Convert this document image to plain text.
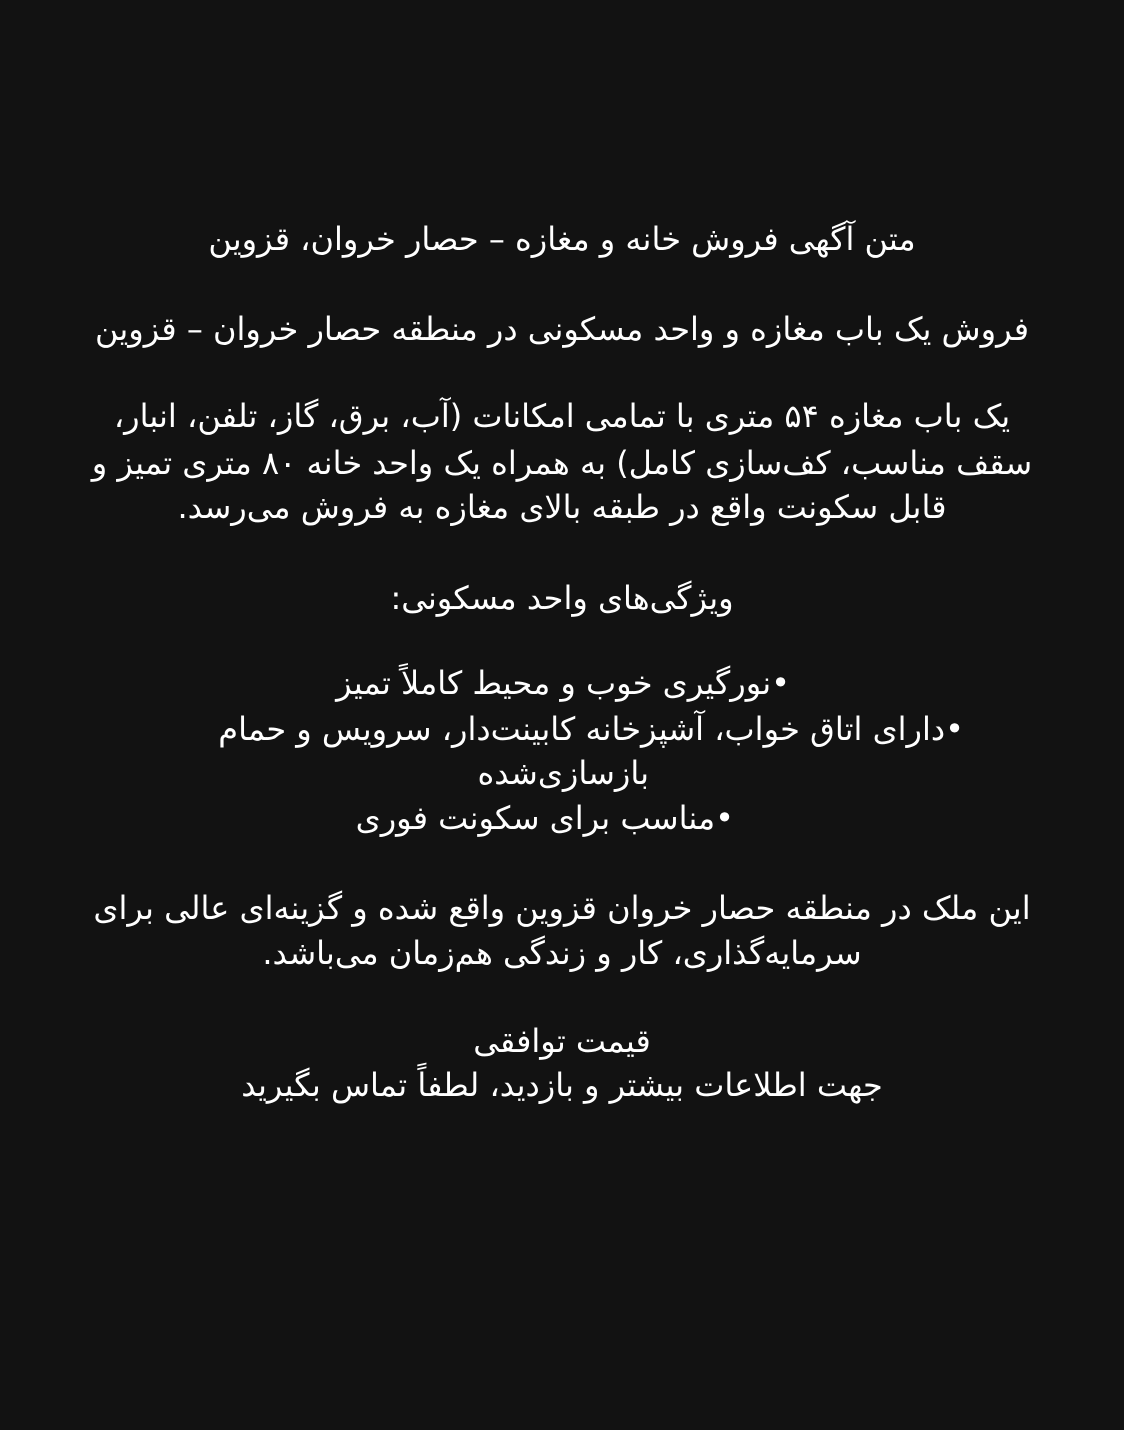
متن آگهی فروش خانه و مغازه – حصار خروان، قزوین
فروش یک باب مغازه و واحد مسکونی در منطقه حصار خروان – قزوین
یک باب مغازه ۵۴ متری با تمامی امکانات (آب، برق، گاز، تلفن، انبار،
سقف مناسب، کف‌سازی کامل) به همراه یک واحد خانه ۸۰ متری تمیز و
قابل سکونت واقع در طبقه بالای مغازه به فروش می‌رسد.
ویژگی‌های واحد مسکونی:
•نورگیری خوب و محیط کاملاً تمیز
•دارای اتاق خواب، آشپزخانه کابینت‌دار، سرویس و حمام
بازسازی‌شده
•مناسب برای سکونت فوری
این ملک در منطقه حصار خروان قزوین واقع شده و گزینه‌ای عالی برای
سرمایه‌گذاری، کار و زندگی هم‌زمان می‌باشد.
قیمت توافقی
جهت اطلاعات بیشتر و بازدید، لطفاً تماس بگیرید
